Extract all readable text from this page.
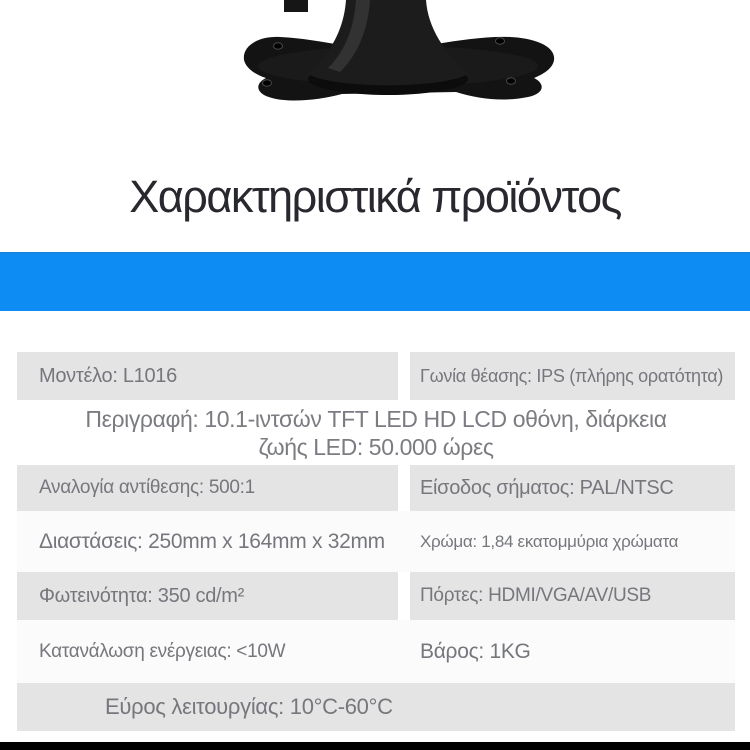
Χαρακτηριστικά προϊόντος
Μοντέλο: L1016	Γωνία θέασης: IPS (πλήρης ορατότητα)
Περιγραφή: 10.1-ιντσών TFT LED HD LCD οθόνη, διάρκεια ζωής LED: 50.000 ώρες
Αναλογία αντίθεσης: 500:1	Είσοδος σήματος: PAL/NTSC
Διαστάσεις: 250mm x 164mm x 32mm	Χρώμα: 1,84 εκατομμύρια χρώματα
Φωτεινότητα: 350 cd/m²	Πόρτες: HDMI/VGA/AV/USB
Κατανάλωση ενέργειας: <10W	Βάρος: 1KG
Εύρος λειτουργίας: 10°C-60°C
